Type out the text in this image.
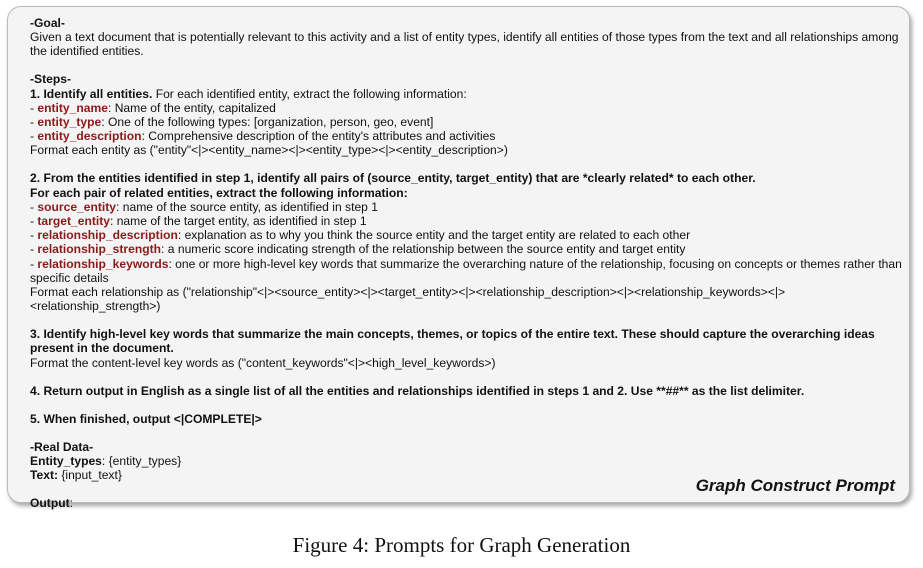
-Goal-

Given a text document that is potentially relevant to this activity and a list of entity types, identify all entities of those types from the text and all relationships among the identified entities.

-Steps-

1. Identify all entities. For each identified entity, extract the following information:

- entity_name: Name of the entity, capitalized

- entity_type: One of the following types: [organization, person, geo, event]

- entity_description: Comprehensive description of the entity's attributes and activities

Format each entity as ("entity"<|><entity_name><|><entity_type><|><entity_description>)

2. From the entities identified in step 1, identify all pairs of (source_entity, target_entity) that are *clearly related* to each other.

For each pair of related entities, extract the following information:

- source_entity: name of the source entity, as identified in step 1

- target_entity: name of the target entity, as identified in step 1

- relationship_description: explanation as to why you think the source entity and the target entity are related to each other

- relationship_strength: a numeric score indicating strength of the relationship between the source entity and target entity

- relationship_keywords: one or more high-level key words that summarize the overarching nature of the relationship, focusing on concepts or themes rather than specific details

Format each relationship as ("relationship"<|><source_entity><|><target_entity><|><relationship_description><|><relationship_keywords><|><relationship_strength>)

3. Identify high-level key words that summarize the main concepts, themes, or topics of the entire text. These should capture the overarching ideas present in the document.

Format the content-level key words as ("content_keywords"<|><high_level_keywords>)

4. Return output in English as a single list of all the entities and relationships identified in steps 1 and 2. Use **##** as the list delimiter.

5. When finished, output <|COMPLETE|>

-Real Data-

Entity_types: {entity_types}

Text: {input_text}

Output:

Graph Construct Prompt
Figure 4: Prompts for Graph Generation
